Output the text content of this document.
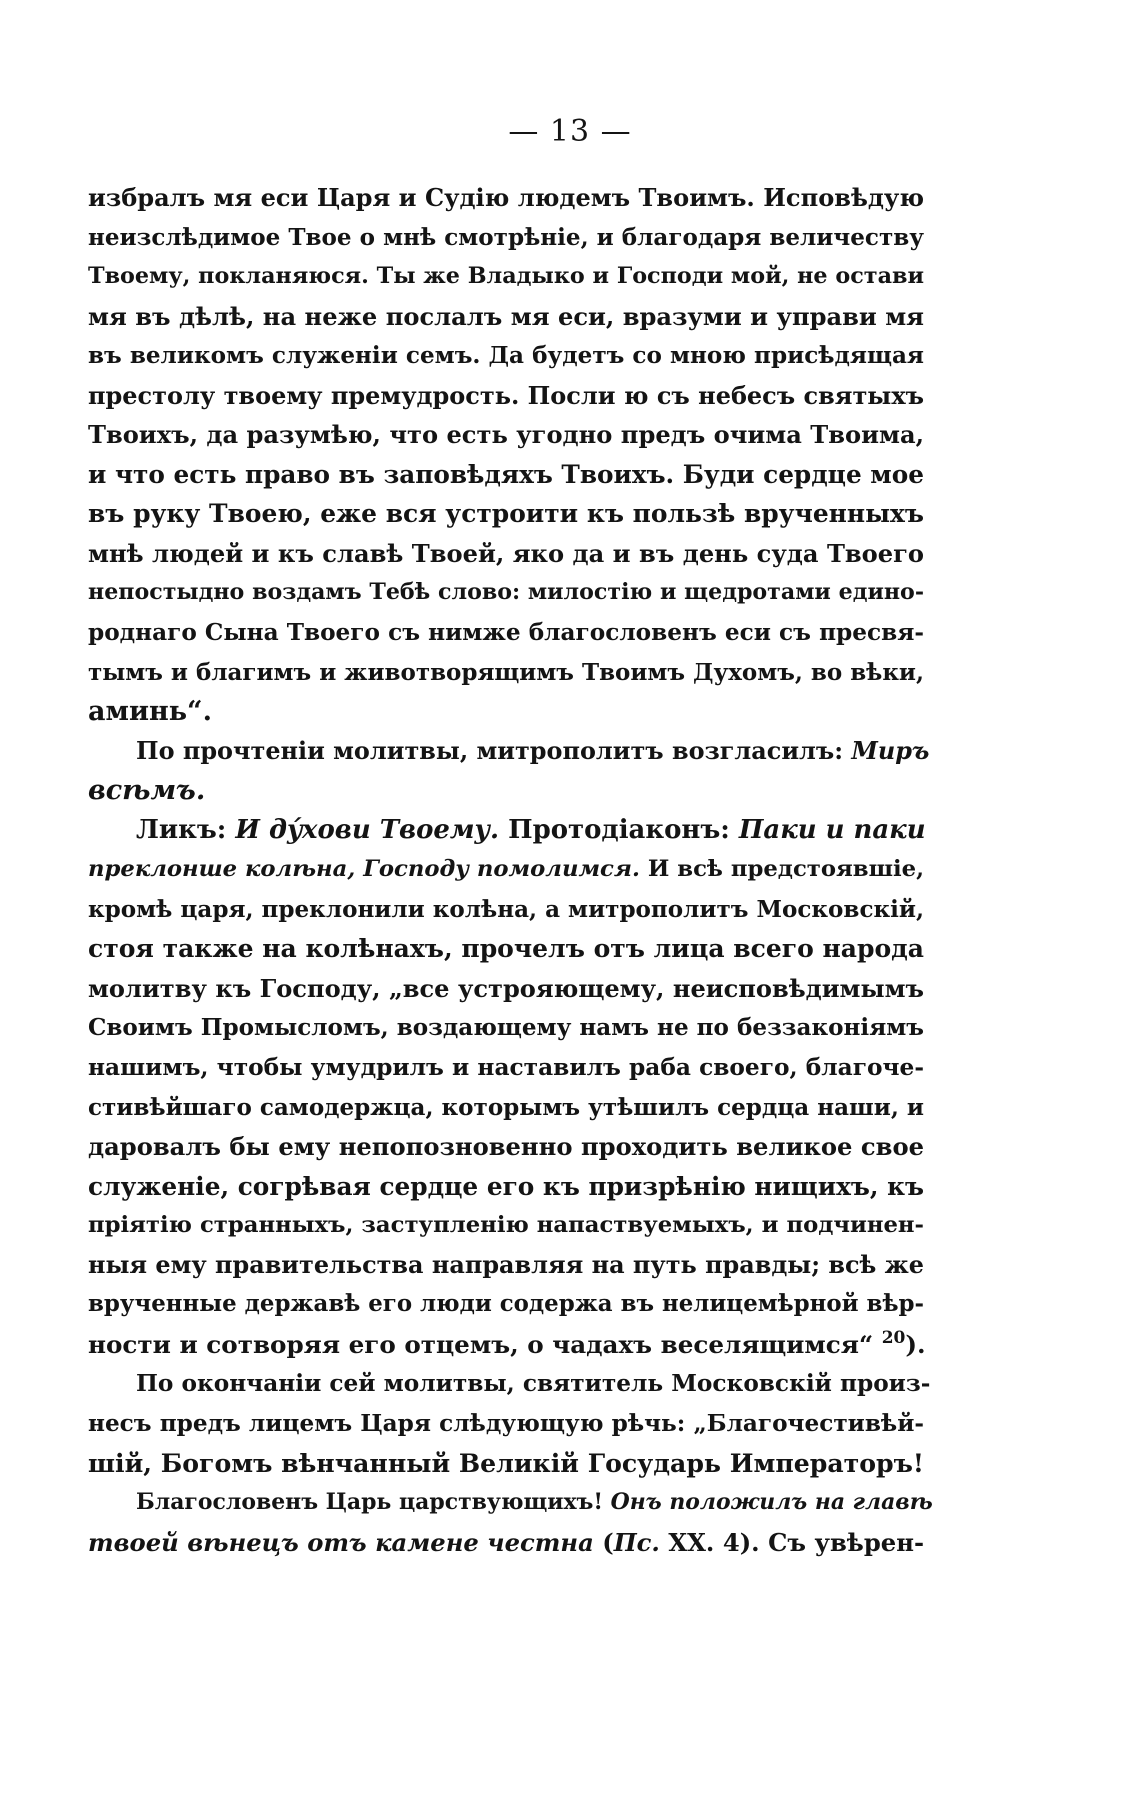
— 13 —
избралъ мя еси Царя и Судію людемъ Твоимъ. Исповѣдую
неизслѣдимое Твое о мнѣ смотрѣніе, и благодаря величеству
Твоему, покланяюся. Ты же Владыко и Господи мой, не остави
мя въ дѣлѣ, на неже послалъ мя еси, вразуми и управи мя
въ великомъ служеніи семъ. Да будетъ со мною присѣдящая
престолу твоему премудрость. Посли ю съ небесъ святыхъ
Твоихъ, да разумѣю, что есть угодно предъ очима Твоима,
и что есть право въ заповѣдяхъ Твоихъ. Буди сердце мое
въ руку Твоею, еже вся устроити къ пользѣ врученныхъ
мнѣ людей и къ славѣ Твоей, яко да и въ день суда Твоего
непостыдно воздамъ Тебѣ слово: милостію и щедротами едино-
роднаго Сына Твоего съ нимже благословенъ еси съ пресвя-
тымъ и благимъ и животворящимъ Твоимъ Духомъ, во вѣки,
аминь“.
По прочтеніи молитвы, митрополитъ возгласилъ: Миръ
всѣмъ.
Ликъ: И дýхови Твоему. Протодіаконъ: Паки и паки
преклонше колѣна, Господу помолимся. И всѣ предстоявшіе,
кромѣ царя, преклонили колѣна, а митрополитъ Московскій,
стоя также на колѣнахъ, прочелъ отъ лица всего народа
молитву къ Господу, „все устрояющему, неисповѣдимымъ
Своимъ Промысломъ, воздающему намъ не по беззаконіямъ
нашимъ, чтобы умудрилъ и наставилъ раба своего, благоче-
стивѣйшаго самодержца, которымъ утѣшилъ сердца наши, и
даровалъ бы ему непопозновенно проходить великое свое
служеніе, согрѣвая сердце его къ призрѣнію нищихъ, къ
пріятію странныхъ, заступленію напаствуемыхъ, и подчинен-
ныя ему правительства направляя на путь правды; всѣ же
врученные державѣ его люди содержа въ нелицемѣрной вѣр-
ности и сотворяя его отцемъ, о чадахъ веселящимся“ $^{20}$).
По окончаніи сей молитвы, святитель Московскій произ-
несъ предъ лицемъ Царя слѣдующую рѣчь: „Благочестивѣй-
шій, Богомъ вѣнчанный Великій Государь Императоръ!
Благословенъ Царь царствующихъ! Онъ положилъ на главѣ
твоей вѣнецъ отъ камене честна (Пс. XX. 4). Съ увѣрен-
